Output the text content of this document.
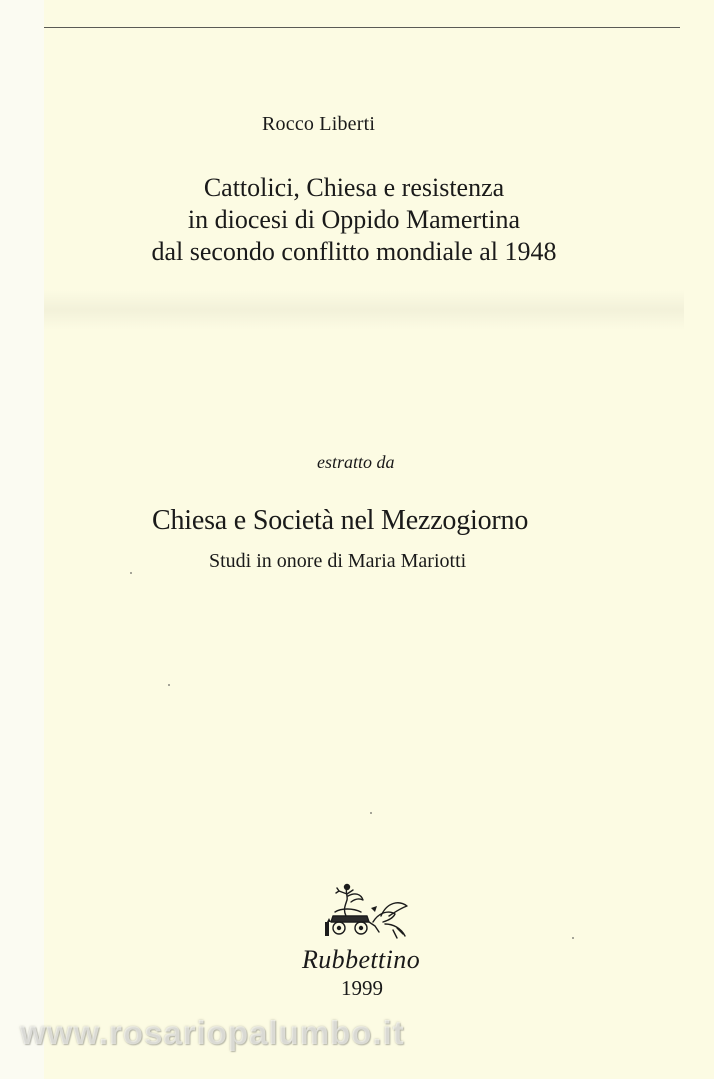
Rocco Liberti
Cattolici, Chiesa e resistenza
in diocesi di Oppido Mamertina
dal secondo conflitto mondiale al 1948
estratto da
Chiesa e Società nel Mezzogiorno
Studi in onore di Maria Mariotti
Rubbettino
1999
www.rosariopalumbo.it
